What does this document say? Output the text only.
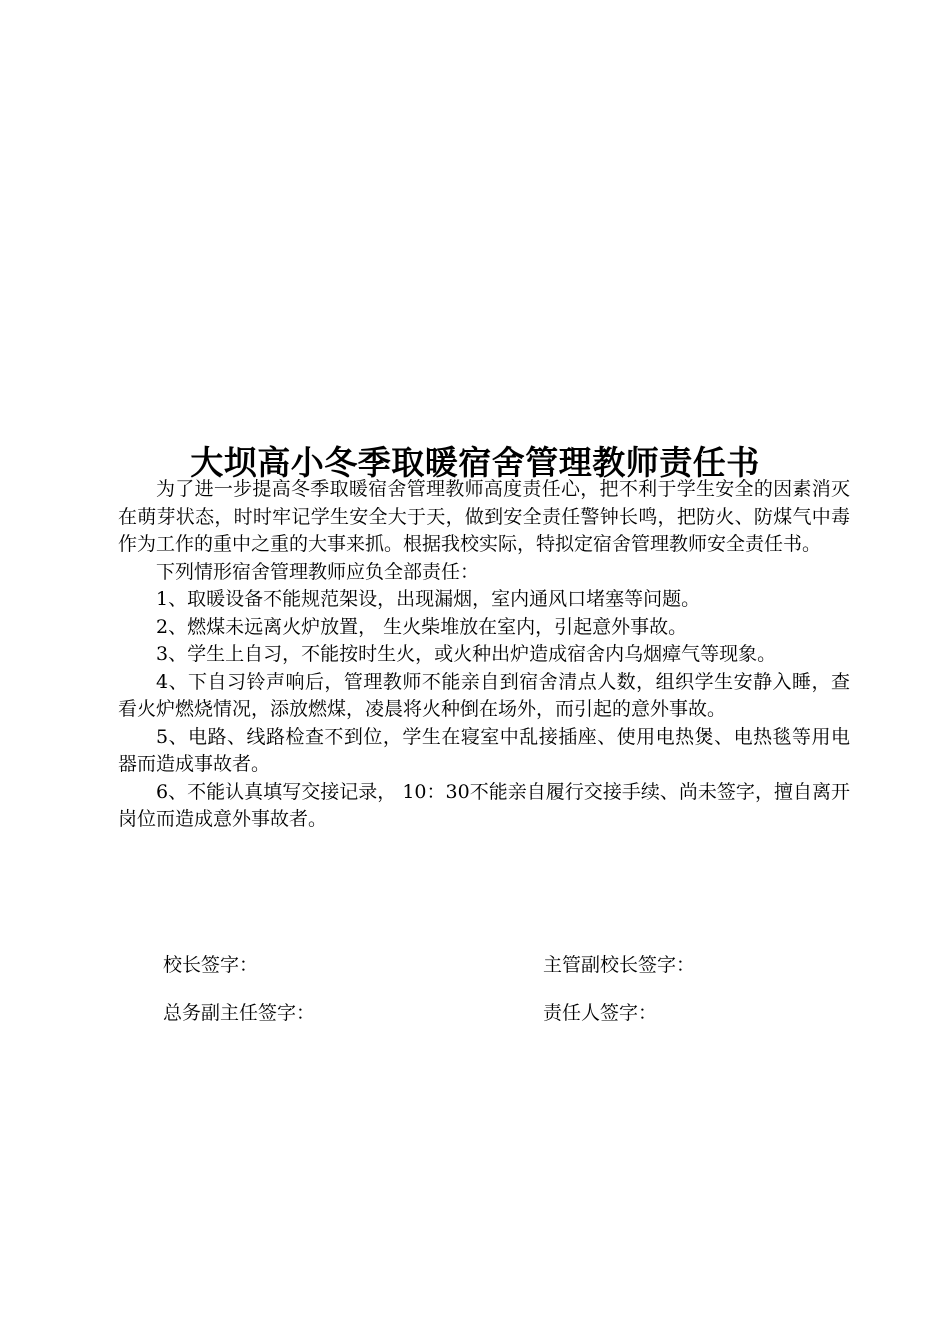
大坝高小冬季取暖宿舍管理教师责任书

为了进一步提高冬季取暖宿舍管理教师高度责任心，把不利于学生安全的因素消灭在萌芽状态，时时牢记学生安全大于天，做到安全责任警钟长鸣，把防火、防煤气中毒作为工作的重中之重的大事来抓。根据我校实际，特拟定宿舍管理教师安全责任书。

下列情形宿舍管理教师应负全部责任：

1、取暖设备不能规范架设，出现漏烟，室内通风口堵塞等问题。

2、燃煤未远离火炉放置， 生火柴堆放在室内，引起意外事故。

3、学生上自习，不能按时生火，或火种出炉造成宿舍内乌烟瘴气等现象。

4、下自习铃声响后，管理教师不能亲自到宿舍清点人数，组织学生安静入睡，查看火炉燃烧情况，添放燃煤，凌晨将火种倒在场外，而引起的意外事故。

5、电路、线路检查不到位，学生在寝室中乱接插座、使用电热煲、电热毯等用电器而造成事故者。

6、不能认真填写交接记录， 10：30不能亲自履行交接手续、尚未签字，擅自离开岗位而造成意外事故者。

校长签字：	主管副校长签字：
总务副主任签字：	责任人签字：
